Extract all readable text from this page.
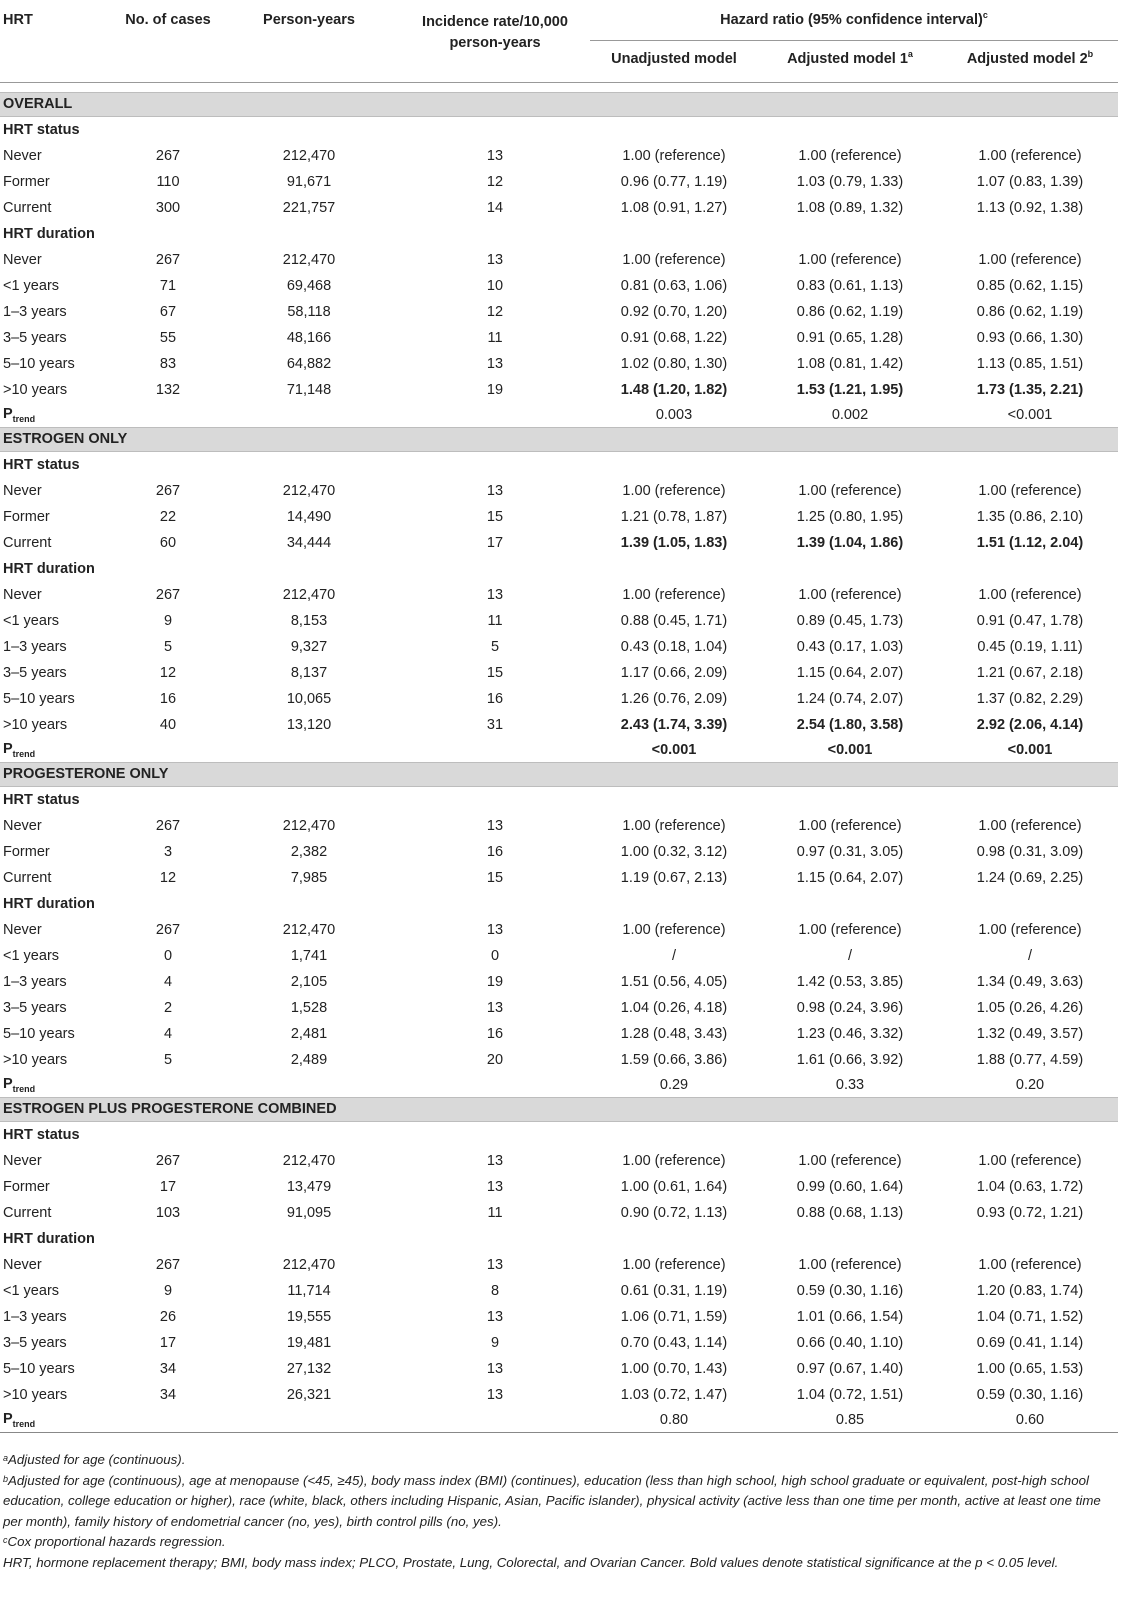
HRT	No. of cases	Person-years	Incidence rate/10,000 person-years	Hazard ratio (95% confidence interval)$^c$
				Unadjusted model	Adjusted model 1$^a$	Adjusted model 2$^b$

OVERALL						
HRT status						
Never	267	212,470	13	1.00 (reference)	1.00 (reference)	1.00 (reference)
Former	110	91,671	12	0.96 (0.77, 1.19)	1.03 (0.79, 1.33)	1.07 (0.83, 1.39)
Current	300	221,757	14	1.08 (0.91, 1.27)	1.08 (0.89, 1.32)	1.13 (0.92, 1.38)
HRT duration						
Never	267	212,470	13	1.00 (reference)	1.00 (reference)	1.00 (reference)
<1 years	71	69,468	10	0.81 (0.63, 1.06)	0.83 (0.61, 1.13)	0.85 (0.62, 1.15)
1–3 years	67	58,118	12	0.92 (0.70, 1.20)	0.86 (0.62, 1.19)	0.86 (0.62, 1.19)
3–5 years	55	48,166	11	0.91 (0.68, 1.22)	0.91 (0.65, 1.28)	0.93 (0.66, 1.30)
5–10 years	83	64,882	13	1.02 (0.80, 1.30)	1.08 (0.81, 1.42)	1.13 (0.85, 1.51)
>10 years	132	71,148	19	1.48 (1.20, 1.82)	1.53 (1.21, 1.95)	1.73 (1.35, 2.21)
$P_{trend}$				0.003	0.002	<0.001
ESTROGEN ONLY						
HRT status						
Never	267	212,470	13	1.00 (reference)	1.00 (reference)	1.00 (reference)
Former	22	14,490	15	1.21 (0.78, 1.87)	1.25 (0.80, 1.95)	1.35 (0.86, 2.10)
Current	60	34,444	17	1.39 (1.05, 1.83)	1.39 (1.04, 1.86)	1.51 (1.12, 2.04)
HRT duration						
Never	267	212,470	13	1.00 (reference)	1.00 (reference)	1.00 (reference)
<1 years	9	8,153	11	0.88 (0.45, 1.71)	0.89 (0.45, 1.73)	0.91 (0.47, 1.78)
1–3 years	5	9,327	5	0.43 (0.18, 1.04)	0.43 (0.17, 1.03)	0.45 (0.19, 1.11)
3–5 years	12	8,137	15	1.17 (0.66, 2.09)	1.15 (0.64, 2.07)	1.21 (0.67, 2.18)
5–10 years	16	10,065	16	1.26 (0.76, 2.09)	1.24 (0.74, 2.07)	1.37 (0.82, 2.29)
>10 years	40	13,120	31	2.43 (1.74, 3.39)	2.54 (1.80, 3.58)	2.92 (2.06, 4.14)
$P_{trend}$				<0.001	<0.001	<0.001
PROGESTERONE ONLY						
HRT status						
Never	267	212,470	13	1.00 (reference)	1.00 (reference)	1.00 (reference)
Former	3	2,382	16	1.00 (0.32, 3.12)	0.97 (0.31, 3.05)	0.98 (0.31, 3.09)
Current	12	7,985	15	1.19 (0.67, 2.13)	1.15 (0.64, 2.07)	1.24 (0.69, 2.25)
HRT duration						
Never	267	212,470	13	1.00 (reference)	1.00 (reference)	1.00 (reference)
<1 years	0	1,741	0	/	/	/
1–3 years	4	2,105	19	1.51 (0.56, 4.05)	1.42 (0.53, 3.85)	1.34 (0.49, 3.63)
3–5 years	2	1,528	13	1.04 (0.26, 4.18)	0.98 (0.24, 3.96)	1.05 (0.26, 4.26)
5–10 years	4	2,481	16	1.28 (0.48, 3.43)	1.23 (0.46, 3.32)	1.32 (0.49, 3.57)
>10 years	5	2,489	20	1.59 (0.66, 3.86)	1.61 (0.66, 3.92)	1.88 (0.77, 4.59)
$P_{trend}$				0.29	0.33	0.20
ESTROGEN PLUS PROGESTERONE COMBINED						
HRT status						
Never	267	212,470	13	1.00 (reference)	1.00 (reference)	1.00 (reference)
Former	17	13,479	13	1.00 (0.61, 1.64)	0.99 (0.60, 1.64)	1.04 (0.63, 1.72)
Current	103	91,095	11	0.90 (0.72, 1.13)	0.88 (0.68, 1.13)	0.93 (0.72, 1.21)
HRT duration						
Never	267	212,470	13	1.00 (reference)	1.00 (reference)	1.00 (reference)
<1 years	9	11,714	8	0.61 (0.31, 1.19)	0.59 (0.30, 1.16)	1.20 (0.83, 1.74)
1–3 years	26	19,555	13	1.06 (0.71, 1.59)	1.01 (0.66, 1.54)	1.04 (0.71, 1.52)
3–5 years	17	19,481	9	0.70 (0.43, 1.14)	0.66 (0.40, 1.10)	0.69 (0.41, 1.14)
5–10 years	34	27,132	13	1.00 (0.70, 1.43)	0.97 (0.67, 1.40)	1.00 (0.65, 1.53)
>10 years	34	26,321	13	1.03 (0.72, 1.47)	1.04 (0.72, 1.51)	0.59 (0.30, 1.16)
$P_{trend}$				0.80	0.85	0.60

$^a$Adjusted for age (continuous).

$^b$Adjusted for age (continuous), age at menopause (<45, ≥45), body mass index (BMI) (continues), education (less than high school, high school graduate or equivalent, post-high school education, college education or higher), race (white, black, others including Hispanic, Asian, Pacific islander), physical activity (active less than one time per month, active at least one time per month), family history of endometrial cancer (no, yes), birth control pills (no, yes).

$^c$Cox proportional hazards regression.

HRT, hormone replacement therapy; BMI, body mass index; PLCO, Prostate, Lung, Colorectal, and Ovarian Cancer. Bold values denote statistical significance at the p < 0.05 level.
